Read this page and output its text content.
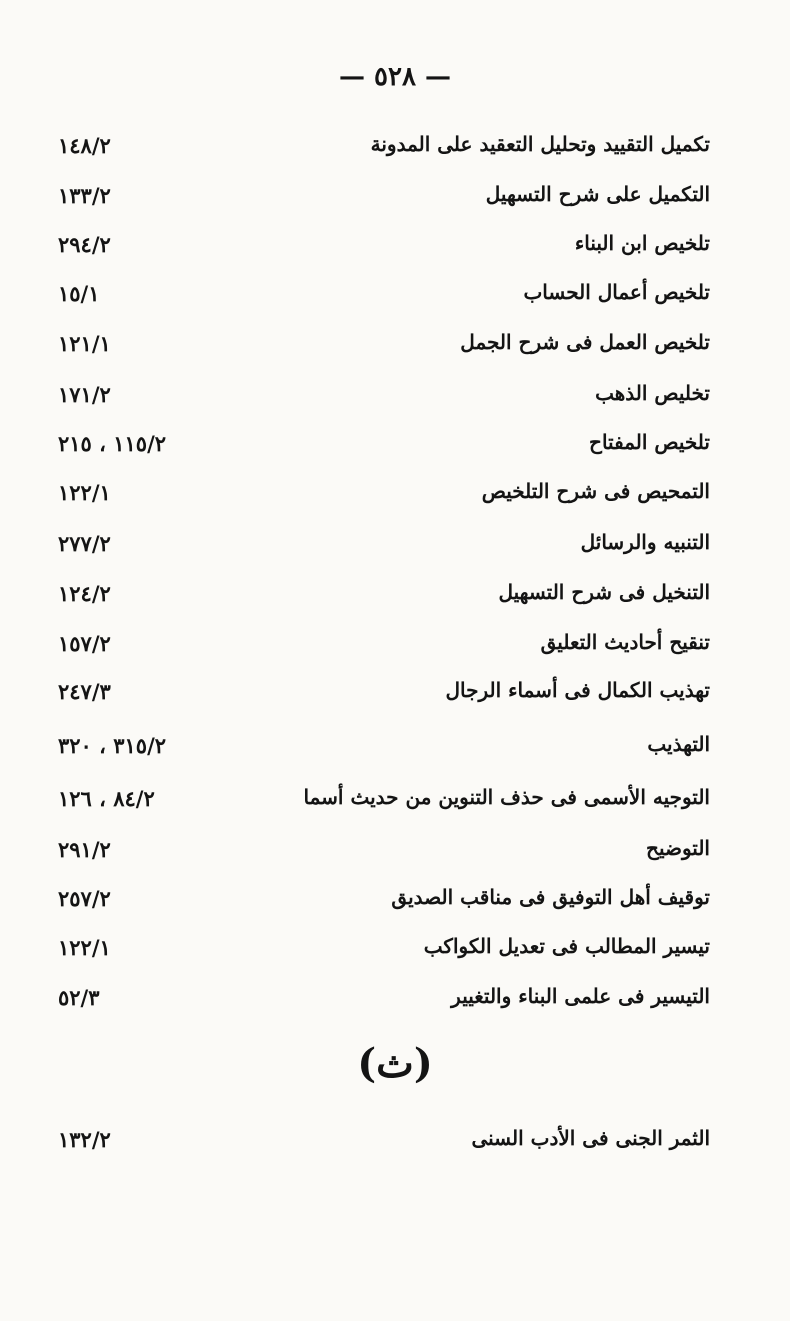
— ٥٢٨ —
تكميل التقييد وتحليل التعقيد على المدونة
١٤٨/٢
التكميل على شرح التسهيل
١٣٣/٢
تلخيص ابن البناء
٢٩٤/٢
تلخيص أعمال الحساب
١٥/١
تلخيص العمل فى شرح الجمل
١٢١/١
تخليص الذهب
١٧١/٢
تلخيص المفتاح
١١٥/٢ ، ٢١٥
التمحيص فى شرح التلخيص
١٢٢/١
التنبيه والرسائل
٢٧٧/٢
التنخيل فى شرح التسهيل
١٢٤/٢
تنقيح أحاديث التعليق
١٥٧/٢
تهذيب الكمال فى أسماء الرجال
٢٤٧/٣
التهذيب
٣١٥/٢ ، ٣٢٠
التوجيه الأسمى فى حذف التنوين من حديث أسما
٨٤/٢ ، ١٢٦
التوضيح
٢٩١/٢
توقيف أهل التوفيق فى مناقب الصديق
٢٥٧/٢
تيسير المطالب فى تعديل الكواكب
١٢٢/١
التيسير فى علمى البناء والتغيير
٥٢/٣
(ث)
الثمر الجنى فى الأدب السنى
١٣٢/٢
